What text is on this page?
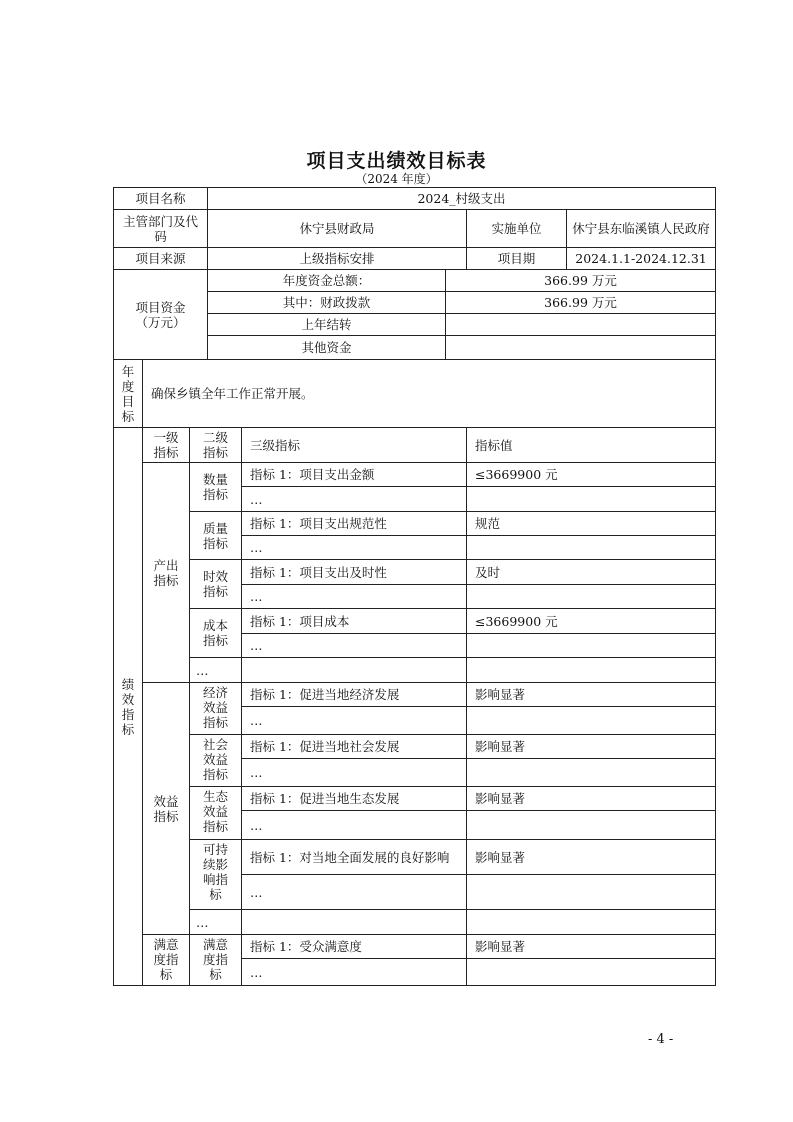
项目支出绩效目标表
（2024 年度）
项目名称			2024_村级支出				
主管部门及代码			休宁县财政局			实施单位	休宁县东临溪镇人民政府
项目来源			上级指标安排			项目期	2024.1.1-2024.12.31
项目资金（万元）			年度资金总额：		366.99 万元		
			其中：财政拨款		366.99 万元		
			上年结转				
			其他资金				
年度目标	确保乡镇全年工作正常开展。						
绩效指标	一级指标	二级指标		三级指标		指标值	
	产出指标	数量指标		指标 1：项目支出金额		≤3669900 元	
				…			
		质量指标		指标 1：项目支出规范性		规范	
				…			
		时效指标		指标 1：项目支出及时性		及时	
				…			
		成本指标		指标 1：项目成本		≤3669900 元	
				…			
		…					
	效益指标	经济效益指标		指标 1：促进当地经济发展		影响显著	
				…			
		社会效益指标		指标 1：促进当地社会发展		影响显著	
				…			
		生态效益指标		指标 1：促进当地生态发展		影响显著	
				…			
		可持续影响指标		指标 1：对当地全面发展的良好影响		影响显著	
				…			
		…					
	满意度指标	满意度指标		指标 1：受众满意度		影响显著	
				…			
- 4 -
